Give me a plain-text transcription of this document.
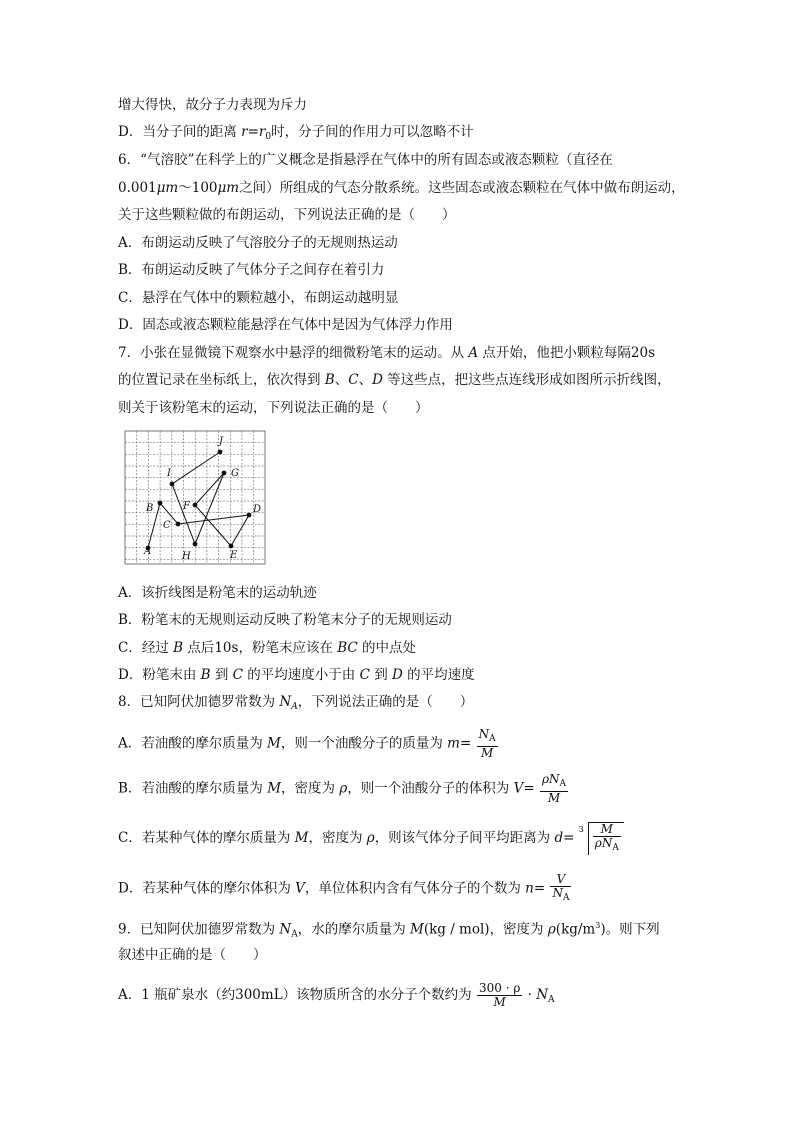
增大得快，故分子力表现为斥力
D．当分子间的距离 $r=r_0$时，分子间的作用力可以忽略不计
6．“气溶胶”在科学上的广义概念是指悬浮在气体中的所有固态或液态颗粒（直径在
0.001μm～100μm之间）所组成的气态分散系统。这些固态或液态颗粒在气体中做布朗运动，
关于这些颗粒做的布朗运动，下列说法正确的是（　　）
A．布朗运动反映了气溶胶分子的无规则热运动
B．布朗运动反映了气体分子之间存在着引力
C．悬浮在气体中的颗粒越小，布朗运动越明显
D．固态或液态颗粒能悬浮在气体中是因为气体浮力作用
7．小张在显微镜下观察水中悬浮的细微粉笔末的运动。从 A 点开始，他把小颗粒每隔20s
的位置记录在坐标纸上，依次得到 B、C、D 等这些点，把这些点连线形成如图所示折线图，
则关于该粉笔末的运动，下列说法正确的是（　　）
A
B
C
D
E
F
G
H
I
J
A．该折线图是粉笔末的运动轨迹
B．粉笔末的无规则运动反映了粉笔末分子的无规则运动
C．经过 B 点后10s，粉笔末应该在 BC 的中点处
D．粉笔末由 B 到 C 的平均速度小于由 C 到 D 的平均速度
8．已知阿伏加德罗常数为 $N_A$，下列说法正确的是（　　）
A．若油酸的摩尔质量为 M，则一个油酸分子的质量为 $m= \frac{N_A}{M}$
B．若油酸的摩尔质量为 M，密度为 ρ，则一个油酸分子的体积为 $V= \frac{\rho N_A}{M}$
C．若某种气体的摩尔质量为 M，密度为 ρ，则该气体分子间平均距离为 d=
$3 \frac{M}{\rho N_A}$
D．若某种气体的摩尔体积为 V，单位体积内含有气体分子的个数为 $n= \frac{V}{N_A}$
9．已知阿伏加德罗常数为 $N_A$，水的摩尔质量为 M(kg / mol)，密度为 $\rho(kg/m^3)$。则下列
叙述中正确的是（　　）
A．1 瓶矿泉水（约300mL）该物质所含的水分子个数约为 $\frac{300 \cdot \rho}{M} \cdot N_A$
